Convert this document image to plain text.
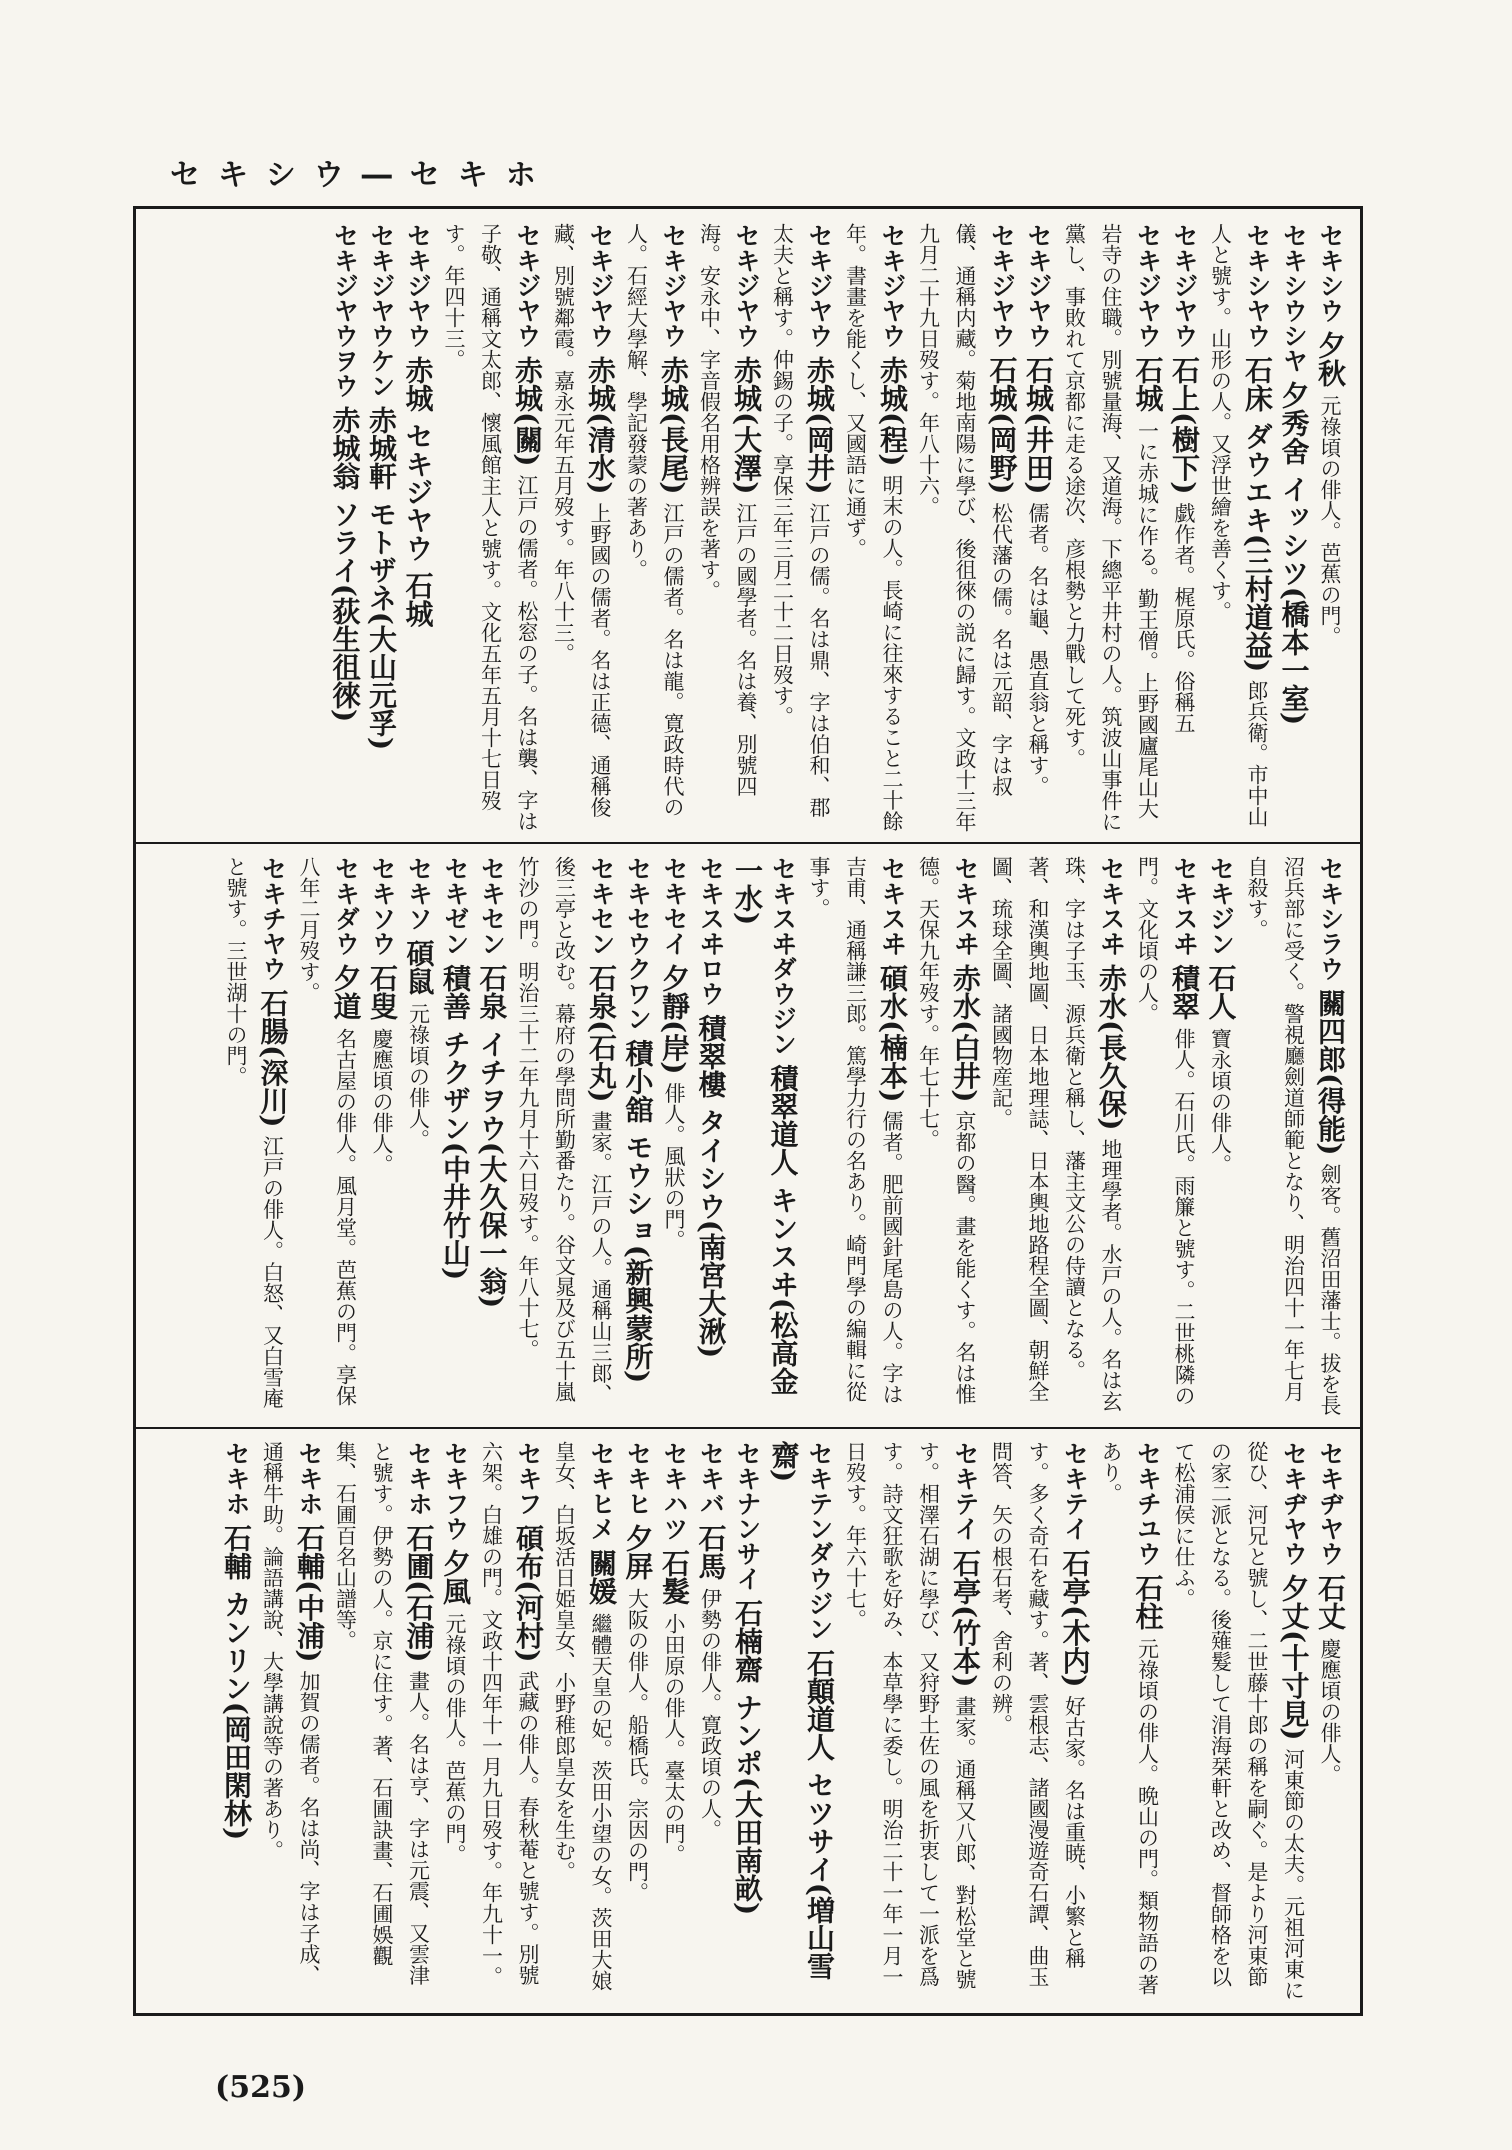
セキシウ―セキホ
セキシウ夕秋元祿頃の俳人。芭蕉の門。
セキシウシヤ夕秀舍 イッシツ(橋本一室)
セキシヤウ石床 ダウエキ(三村道益)郎兵衛。市中山人と號す。山形の人。又浮世繪を善くす。
セキジヤウ石上(樹下)戯作者。梶原氏。俗稱五
セキジヤウ石城一に赤城に作る。勤王僧。上野國廬尾山大岩寺の住職。別號量海、又道海。下總平井村の人。筑波山事件に黨し、事敗れて京都に走る途次、彦根勢と力戰して死す。
セキジヤウ石城(井田)儒者。名は龜、愚直翁と稱す。
セキジヤウ石城(岡野)松代藩の儒。名は元韶、字は叔儀、通稱内藏。菊地南陽に學び、後徂徠の説に歸す。文政十三年九月二十九日歿す。年八十六。
セキジヤウ赤城(程)明末の人。長崎に往來すること二十餘年。書畫を能くし、又國語に通ず。
セキジヤウ赤城(岡井)江戸の儒。名は鼎、字は伯和、郡太夫と稱す。仲錫の子。享保三年三月二十二日歿す。
セキジヤウ赤城(大澤)江戸の國學者。名は養、別號四海。安永中、字音假名用格辨誤を著す。
セキジヤウ赤城(長尾)江戸の儒者。名は龍。寛政時代の人。石經大學解、學記發蒙の著あり。
セキジヤウ赤城(清水)上野國の儒者。名は正德、通稱俊藏、別號鄰霞。嘉永元年五月歿す。年八十三。
セキジヤウ赤城(關)江戸の儒者。松窓の子。名は襲、字は子敬、通稱文太郎、懷風館主人と號す。文化五年五月十七日歿す。年四十三。
セキジヤウ赤城 セキジヤウ 石城
セキジヤウケン赤城軒 モトザネ(大山元孚)
セキジヤウヲウ赤城翁 ソライ(荻生徂徠)
セキシラウ關四郎(得能)劍客。舊沼田藩士。拔を長沼兵部に受く。警視廳劍道師範となり、明治四十一年七月自殺す。
セキジン石人寶永頃の俳人。
セキスヰ積翠俳人。石川氏。雨簾と號す。二世桃隣の門。文化頃の人。
セキスヰ赤水(長久保)地理學者。水戸の人。名は玄珠、字は子玉、源兵衛と稱し、藩主文公の侍讀となる。著、和漢輿地圖、日本地理誌、日本輿地路程全圖、朝鮮全圖、琉球全圖、諸國物産記。
セキスヰ赤水(白井)京都の醫。畫を能くす。名は惟德。天保九年歿す。年七十七。
セキスヰ碩水(楠本)儒者。肥前國針尾島の人。字は吉甫、通稱謙三郎。篤學力行の名あり。崎門學の編輯に從事す。
セキスヰダウジン積翠道人 キンスヰ(松高金一水)
セキスヰロウ積翠樓 タイシウ(南宮大湫)
セキセイ夕靜(岸)俳人。風狀の門。
セキセウクワン積小舘 モウショ(新興蒙所)
セキセン石泉(石丸)畫家。江戸の人。通稱山三郎、後三亭と改む。幕府の學問所勤番たり。谷文晁及び五十嵐竹沙の門。明治三十二年九月十六日歿す。年八十七。
セキセン石泉 イチヲウ(大久保一翁)
セキゼン積善 チクザン(中井竹山)
セキソ碩鼠元祿頃の俳人。
セキソウ石叟慶應頃の俳人。
セキダウ夕道名古屋の俳人。風月堂。芭蕉の門。享保八年二月歿す。
セキチヤウ石腸(深川)江戸の俳人。白怒、又白雪庵と號す。三世湖十の門。
セキヂヤウ石丈慶應頃の俳人。
セキヂヤウ夕丈(十寸見)河東節の太夫。元祖河東に從ひ、河兄と號し、二世藤十郎の稱を嗣ぐ。是より河東節の家二派となる。後薙髮して涓海栞軒と改め、督師格を以て松浦侯に仕ふ。
セキチユウ石柱元祿頃の俳人。晩山の門。類物語の著あり。
セキテイ石亭(木内)好古家。名は重暁、小繁と稱す。多く奇石を藏す。著、雲根志、諸國漫遊奇石譚、曲玉問答、矢の根石考、舍利の辨。
セキテイ石亭(竹本)畫家。通稱又八郎、對松堂と號す。相澤石湖に學び、又狩野土佐の風を折衷して一派を爲す。詩文狂歌を好み、本草學に委し。明治二十一年一月一日歿す。年六十七。
セキテンダウジン石顛道人 セツサイ(増山雪齋)
セキナンサイ石楠齋 ナンポ(大田南畝)
セキバ石馬伊勢の俳人。寛政頃の人。
セキハツ石髮小田原の俳人。臺太の門。
セキヒ夕屏大阪の俳人。船橋氏。宗因の門。
セキヒメ關媛繼體天皇の妃。茨田小望の女。茨田大娘皇女、白坂活日姫皇女、小野稚郎皇女を生む。
セキフ碩布(河村)武藏の俳人。春秋菴と號す。別號六架。白雄の門。文政十四年十一月九日歿す。年九十一。
セキフウ夕風元祿頃の俳人。芭蕉の門。
セキホ石圃(石浦)畫人。名は亨、字は元震、又雲津と號す。伊勢の人。京に住す。著、石圃訣畫、石圃娛觀集、石圃百名山譜等。
セキホ石輔(中浦)加賀の儒者。名は尚、字は子成、通稱牛助。論語講說、大學講說等の著あり。
セキホ石輔 カンリン(岡田閑林)
(525)
